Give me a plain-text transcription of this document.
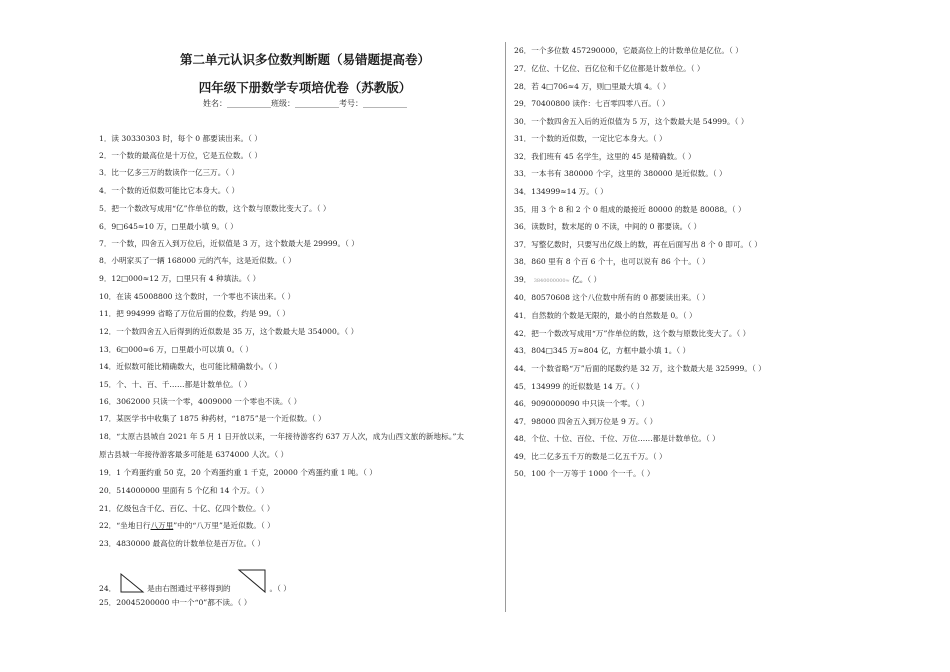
第二单元认识多位数判断题（易错题提高卷）
四年级下册数学专项培优卷（苏教版）
姓名：___________班级：___________考号：___________
1．读 30330303 时，每个 0 都要读出来。（ ）
2．一个数的最高位是十万位，它是五位数。（ ）
3．比一亿多三万的数读作一亿三万。（ ）
4．一个数的近似数可能比它本身大。（ ）
5．把一个数改写成用“亿”作单位的数，这个数与原数比变大了。（ ）
6．9□645≈10 万，□里最小填 9。（ ）
7．一个数，四舍五入到万位后，近似值是 3 万，这个数最大是 29999。（ ）
8．小明家买了一辆 168000 元的汽车，这是近似数。（ ）
9．12□000≈12 万，□里只有 4 种填法。（ ）
10．在读 45008800 这个数时，一个零也不读出来。（ ）
11．把 994999 省略了万位后面的位数，约是 99。（ ）
12．一个数四舍五入后得到的近似数是 35 万，这个数最大是 354000。（ ）
13．6□000≈6 万，□里最小可以填 0。（ ）
14．近似数可能比精确数大，也可能比精确数小。（ ）
15．个、十、百、千……都是计数单位。（ ）
16．3062000 只读一个零，4009000 一个零也不读。（ ）
17．某医学书中收集了 1875 种药材，“1875”是一个近似数。（ ）
18．“太原古县城自 2021 年 5 月 1 日开放以来，一年接待游客约 637 万人次，成为山西文旅的新地标。”太
原古县城一年接待游客最多可能是 6374000 人次。（ ）
19．1 个鸡蛋约重 50 克，20 个鸡蛋约重 1 千克，20000 个鸡蛋约重 1 吨。（ ）
20．514000000 里面有 5 个亿和 14 个万。（ ）
21．亿级包含千亿、百亿、十亿、亿四个数位。（ ）
22．“坐地日行八万里”中的“八万里”是近似数。（ ）
23．4830000 最高位的计数单位是百万位。（ ）
24．	是由右图通过平移得到的	。（ ）
25．20045200000 中一个“0”都不读。（ ）
26．一个多位数 457290000，它最高位上的计数单位是亿位。（ ）
27．亿位、十亿位、百亿位和千亿位都是计数单位。（ ）
28．若 4□706≈4 万，则□里最大填 4。（ ）
29．70400800 读作：七百零四零八百。（ ）
30．一个数四舍五入后的近似值为 5 万，这个数最大是 54999。（ ）
31．一个数的近似数，一定比它本身大。（ ）
32．我们班有 45 名学生，这里的 45 是精确数。（ ）
33．一本书有 380000 个字，这里的 380000 是近似数。（ ）
34．134999≈14 万。（ ）
35．用 3 个 8 和 2 个 0 组成的最接近 80000 的数是 80088。（ ）
36．读数时，数末尾的 0 不读，中间的 0 都要读。（ ）
37．写整亿数时，只要写出亿级上的数，再在后面写出 8 个 0 即可。（ ）
38．860 里有 8 个百 6 个十，也可以说有 86 个十。（ ）
39． 3840000000≈ 亿。（ ）
40．80570608 这个八位数中所有的 0 都要读出来。（ ）
41．自然数的个数是无限的，最小的自然数是 0。（ ）
42．把一个数改写成用“万”作单位的数，这个数与原数比变大了。（ ）
43．804□345 万≈804 亿，方框中最小填 1。（ ）
44．一个数省略“万”后面的尾数约是 32 万，这个数最大是 325999。（ ）
45．134999 的近似数是 14 万。（ ）
46．9090000090 中只读一个零。（ ）
47．98000 四舍五入到万位是 9 万。（ ）
48．个位、十位、百位、千位、万位……都是计数单位。（ ）
49．比二亿多五千万的数是二亿五千万。（ ）
50．100 个一万等于 1000 个一千。（ ）
